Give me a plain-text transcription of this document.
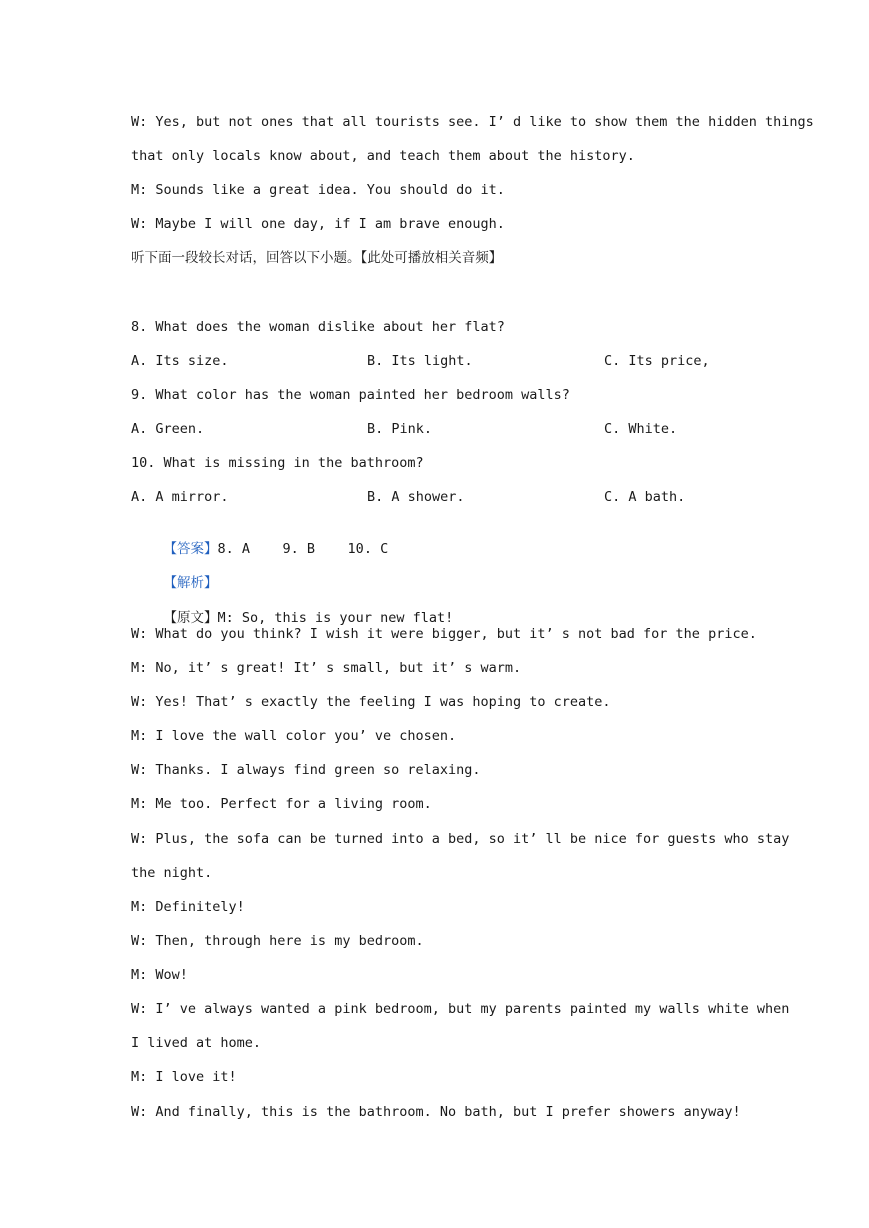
W: Yes, but not ones that all tourists see. I’ d like to show them the hidden things
that only locals know about, and teach them about the history.
M: Sounds like a great idea. You should do it.
W: Maybe I will one day, if I am brave enough.
听下面一段较长对话，回答以下小题。【此处可播放相关音频】
8. What does the woman dislike about her flat?
A. Its size.	B. Its light.	C. Its price,
9. What color has the woman painted her bedroom walls?
A. Green.	B. Pink.	C. White.
10. What is missing in the bathroom?
A. A mirror.	B. A shower.	C. A bath.

【答案】8. A    9. B    10. C

【解析】

【原文】M: So, this is your new flat!

W: What do you think? I wish it were bigger, but it’ s not bad for the price.
M: No, it’ s great! It’ s small, but it’ s warm.
W: Yes! That’ s exactly the feeling I was hoping to create.
M: I love the wall color you’ ve chosen.
W: Thanks. I always find green so relaxing.
M: Me too. Perfect for a living room.
W: Plus, the sofa can be turned into a bed, so it’ ll be nice for guests who stay
the night.
M: Definitely!
W: Then, through here is my bedroom.
M: Wow!
W: I’ ve always wanted a pink bedroom, but my parents painted my walls white when
I lived at home.
M: I love it!
W: And finally, this is the bathroom. No bath, but I prefer showers anyway!
